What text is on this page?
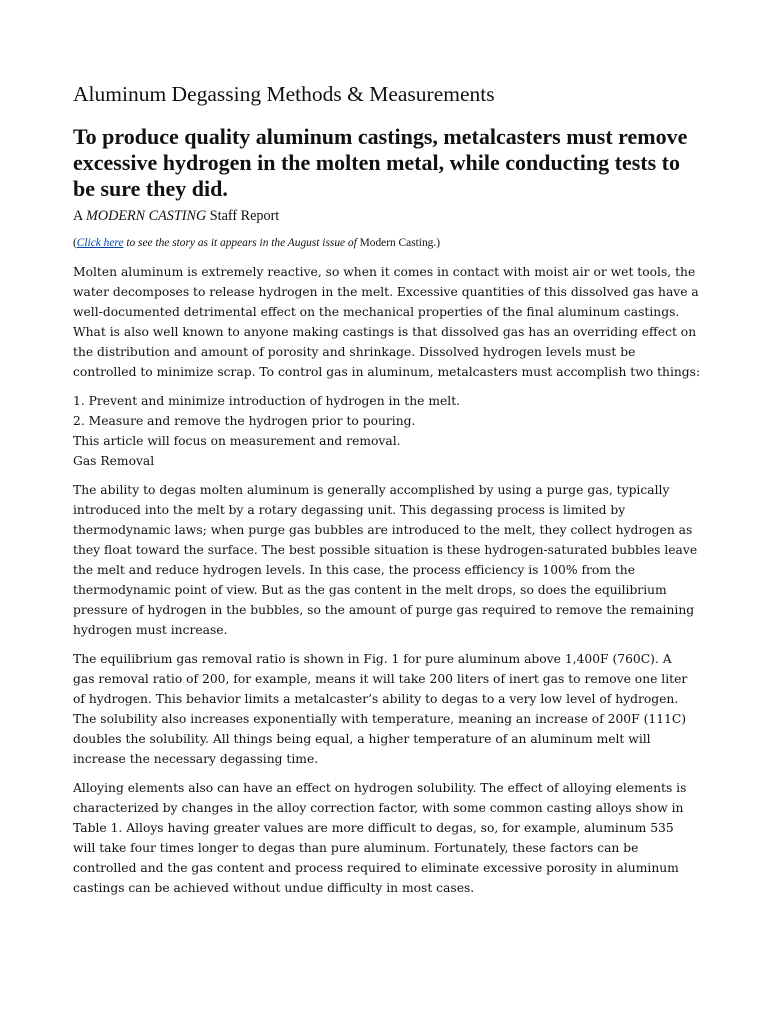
Aluminum Degassing Methods & Measurements
To produce quality aluminum castings, metalcasters must remove excessive hydrogen in the molten metal, while conducting tests to be sure they did.

A MODERN CASTING Staff Report

(Click here to see the story as it appears in the August issue of Modern Casting.)

Molten aluminum is extremely reactive, so when it comes in contact with moist air or wet tools, the
water decomposes to release hydrogen in the melt. Excessive quantities of this dissolved gas have a
well-documented detrimental effect on the mechanical properties of the final aluminum castings.
What is also well known to anyone making castings is that dissolved gas has an overriding effect on
the distribution and amount of porosity and shrinkage. Dissolved hydrogen levels must be
controlled to minimize scrap. To control gas in aluminum, metalcasters must accomplish two things:

1. Prevent and minimize introduction of hydrogen in the melt.
2. Measure and remove the hydrogen prior to pouring.
This article will focus on measurement and removal.
Gas Removal

The ability to degas molten aluminum is generally accomplished by using a purge gas, typically
introduced into the melt by a rotary degassing unit. This degassing process is limited by
thermodynamic laws; when purge gas bubbles are introduced to the melt, they collect hydrogen as
they float toward the surface. The best possible situation is these hydrogen-saturated bubbles leave
the melt and reduce hydrogen levels. In this case, the process efficiency is 100% from the
thermodynamic point of view. But as the gas content in the melt drops, so does the equilibrium
pressure of hydrogen in the bubbles, so the amount of purge gas required to remove the remaining
hydrogen must increase.

The equilibrium gas removal ratio is shown in Fig. 1 for pure aluminum above 1,400F (760C). A
gas removal ratio of 200, for example, means it will take 200 liters of inert gas to remove one liter
of hydrogen. This behavior limits a metalcaster’s ability to degas to a very low level of hydrogen.
The solubility also increases exponentially with temperature, meaning an increase of 200F (111C)
doubles the solubility. All things being equal, a higher temperature of an aluminum melt will
increase the necessary degassing time.

Alloying elements also can have an effect on hydrogen solubility. The effect of alloying elements is
characterized by changes in the alloy correction factor, with some common casting alloys show in
Table 1. Alloys having greater values are more difficult to degas, so, for example, aluminum 535
will take four times longer to degas than pure aluminum. Fortunately, these factors can be
controlled and the gas content and process required to eliminate excessive porosity in aluminum
castings can be achieved without undue difficulty in most cases.
